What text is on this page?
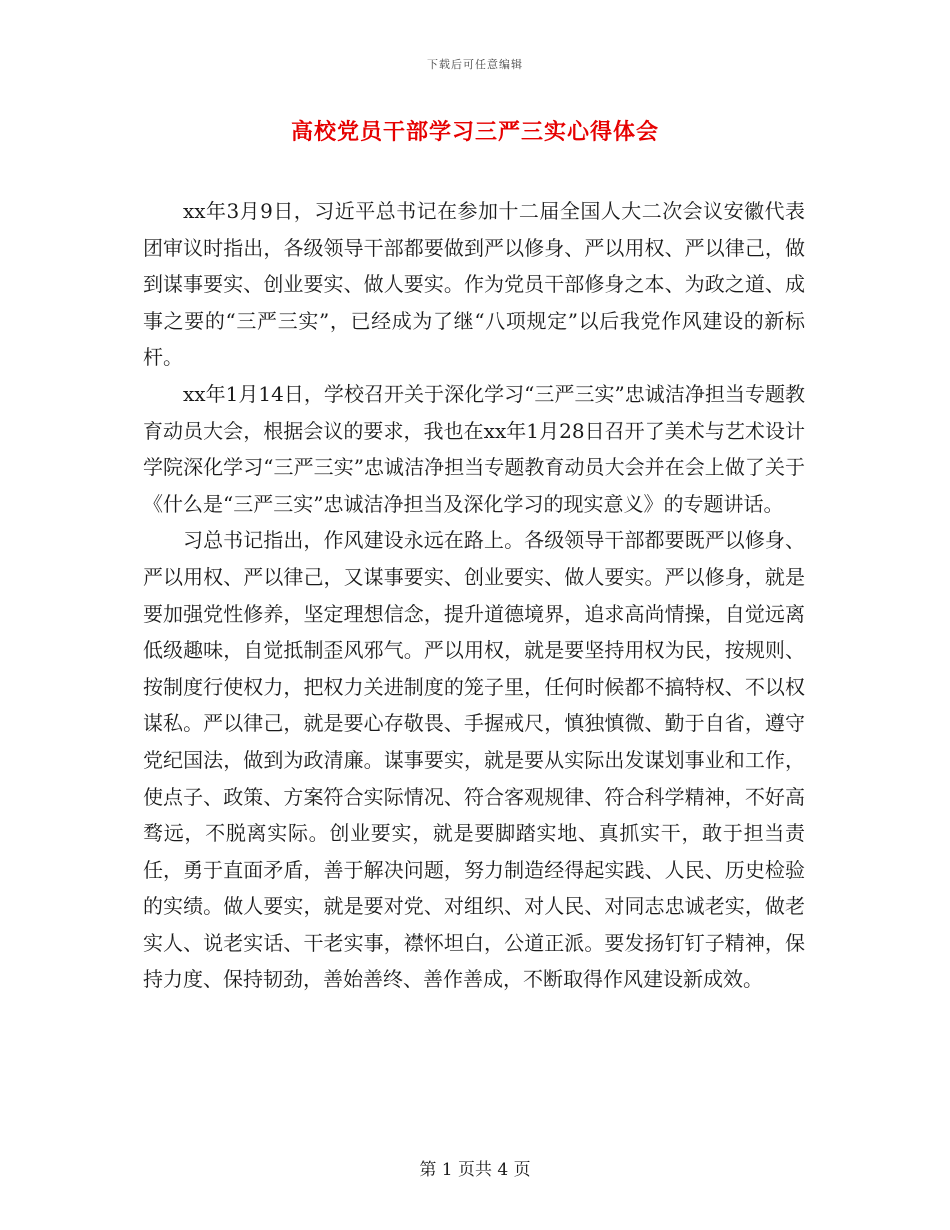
下载后可任意编辑
高校党员干部学习三严三实心得体会

xx年3月9日，习近平总书记在参加十二届全国人大二次会议安徽代表团审议时指出，各级领导干部都要做到严以修身、严以用权、严以律己，做到谋事要实、创业要实、做人要实。作为党员干部修身之本、为政之道、成事之要的“三严三实”，已经成为了继“八项规定”以后我党作风建设的新标杆。

xx年1月14日，学校召开关于深化学习“三严三实”忠诚洁净担当专题教育动员大会，根据会议的要求，我也在xx年1月28日召开了美术与艺术设计学院深化学习“三严三实”忠诚洁净担当专题教育动员大会并在会上做了关于《什么是“三严三实”忠诚洁净担当及深化学习的现实意义》的专题讲话。

习总书记指出，作风建设永远在路上。各级领导干部都要既严以修身、严以用权、严以律己，又谋事要实、创业要实、做人要实。严以修身，就是要加强党性修养，坚定理想信念，提升道德境界，追求高尚情操，自觉远离低级趣味，自觉抵制歪风邪气。严以用权，就是要坚持用权为民，按规则、按制度行使权力，把权力关进制度的笼子里，任何时候都不搞特权、不以权谋私。严以律己，就是要心存敬畏、手握戒尺，慎独慎微、勤于自省，遵守党纪国法，做到为政清廉。谋事要实，就是要从实际出发谋划事业和工作，使点子、政策、方案符合实际情况、符合客观规律、符合科学精神，不好高骛远，不脱离实际。创业要实，就是要脚踏实地、真抓实干，敢于担当责任，勇于直面矛盾，善于解决问题，努力制造经得起实践、人民、历史检验的实绩。做人要实，就是要对党、对组织、对人民、对同志忠诚老实，做老实人、说老实话、干老实事，襟怀坦白，公道正派。要发扬钉钉子精神，保持力度、保持韧劲，善始善终、善作善成，不断取得作风建设新成效。

第 1 页共 4 页
